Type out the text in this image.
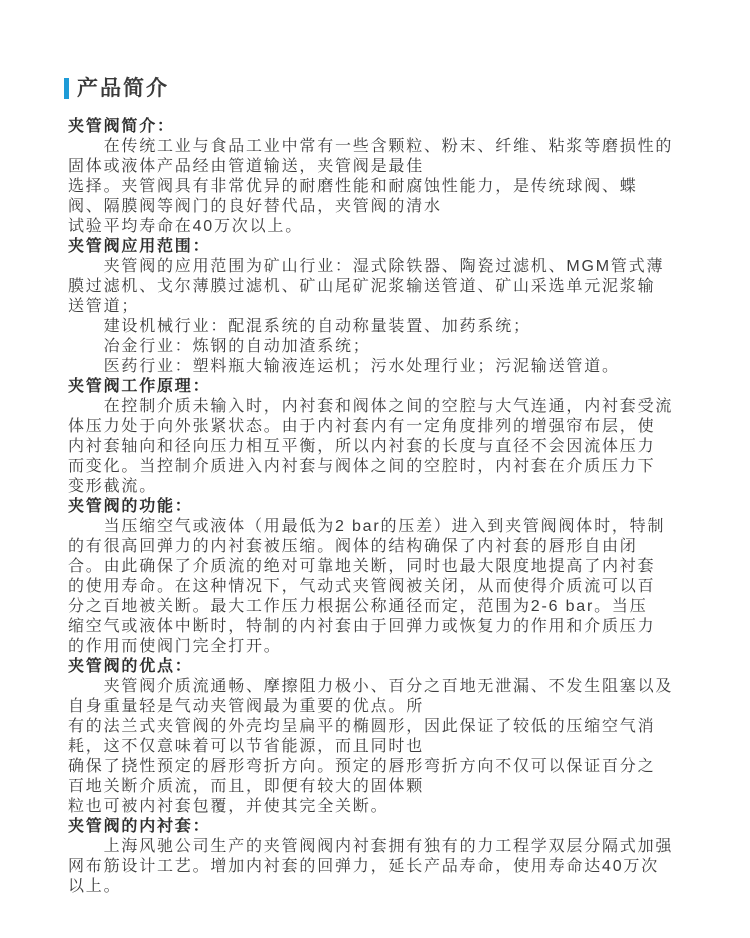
产品简介
夹管阀简介：
　　在传统工业与食品工业中常有一些含颗粒、粉末、纤维、粘浆等磨损性的
固体或液体产品经由管道输送，夹管阀是最佳
选择。夹管阀具有非常优异的耐磨性能和耐腐蚀性能力，是传统球阀、蝶
阀、隔膜阀等阀门的良好替代品，夹管阀的清水
试验平均寿命在40万次以上。
夹管阀应用范围：
　　夹管阀的应用范围为矿山行业：湿式除铁器、陶瓷过滤机、MGM管式薄
膜过滤机、戈尔薄膜过滤机、矿山尾矿泥浆输送管道、矿山采选单元泥浆输
送管道；
　　建设机械行业：配混系统的自动称量装置、加药系统；
　　冶金行业：炼钢的自动加渣系统；
　　医药行业：塑料瓶大输液连运机；污水处理行业；污泥输送管道。
夹管阀工作原理：
　　在控制介质未输入时，内衬套和阀体之间的空腔与大气连通，内衬套受流
体压力处于向外张紧状态。由于内衬套内有一定角度排列的增强帘布层，使
内衬套轴向和径向压力相互平衡，所以内衬套的长度与直径不会因流体压力
而变化。当控制介质进入内衬套与阀体之间的空腔时，内衬套在介质压力下
变形截流。
夹管阀的功能：
　　当压缩空气或液体（用最低为2 bar的压差）进入到夹管阀阀体时，特制
的有很高回弹力的内衬套被压缩。阀体的结构确保了内衬套的唇形自由闭
合。由此确保了介质流的绝对可靠地关断，同时也最大限度地提高了内衬套
的使用寿命。在这种情况下，气动式夹管阀被关闭，从而使得介质流可以百
分之百地被关断。最大工作压力根据公称通径而定，范围为2-6 bar。当压
缩空气或液体中断时，特制的内衬套由于回弹力或恢复力的作用和介质压力
的作用而使阀门完全打开。
夹管阀的优点：
　　夹管阀介质流通畅、摩擦阻力极小、百分之百地无泄漏、不发生阻塞以及
自身重量轻是气动夹管阀最为重要的优点。所
有的法兰式夹管阀的外壳均呈扁平的椭圆形，因此保证了较低的压缩空气消
耗，这不仅意味着可以节省能源，而且同时也
确保了挠性预定的唇形弯折方向。预定的唇形弯折方向不仅可以保证百分之
百地关断介质流，而且，即便有较大的固体颗
粒也可被内衬套包覆，并使其完全关断。
夹管阀的内衬套：
　　上海风驰公司生产的夹管阀阀内衬套拥有独有的力工程学双层分隔式加强
网布筋设计工艺。增加内衬套的回弹力，延长产品寿命，使用寿命达40万次
以上。
